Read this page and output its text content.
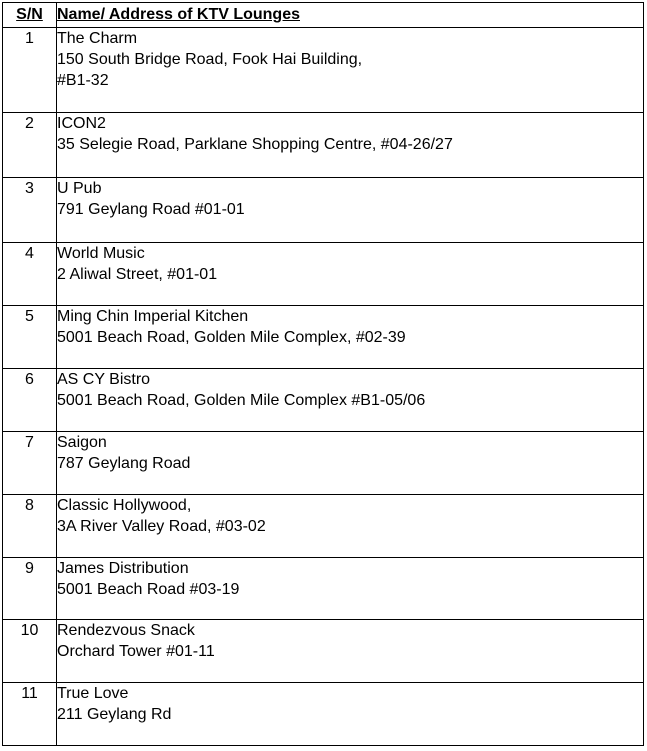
S/N	Name/ Address of KTV Lounges
1	The Charm
150 South Bridge Road, Fook Hai Building,
#B1-32

2	ICON2
35 Selegie Road, Parklane Shopping Centre, #04-26/27

3	U Pub
791 Geylang Road #01-01

4	World Music
2 Aliwal Street, #01-01

5	Ming Chin Imperial Kitchen
5001 Beach Road, Golden Mile Complex, #02-39

6	AS CY Bistro
5001 Beach Road, Golden Mile Complex #B1-05/06

7	Saigon
787 Geylang Road

8	Classic Hollywood,
3A River Valley Road, #03-02

9	James Distribution
5001 Beach Road #03-19

10	Rendezvous Snack
Orchard Tower #01-11

11	True Love
211 Geylang Rd
